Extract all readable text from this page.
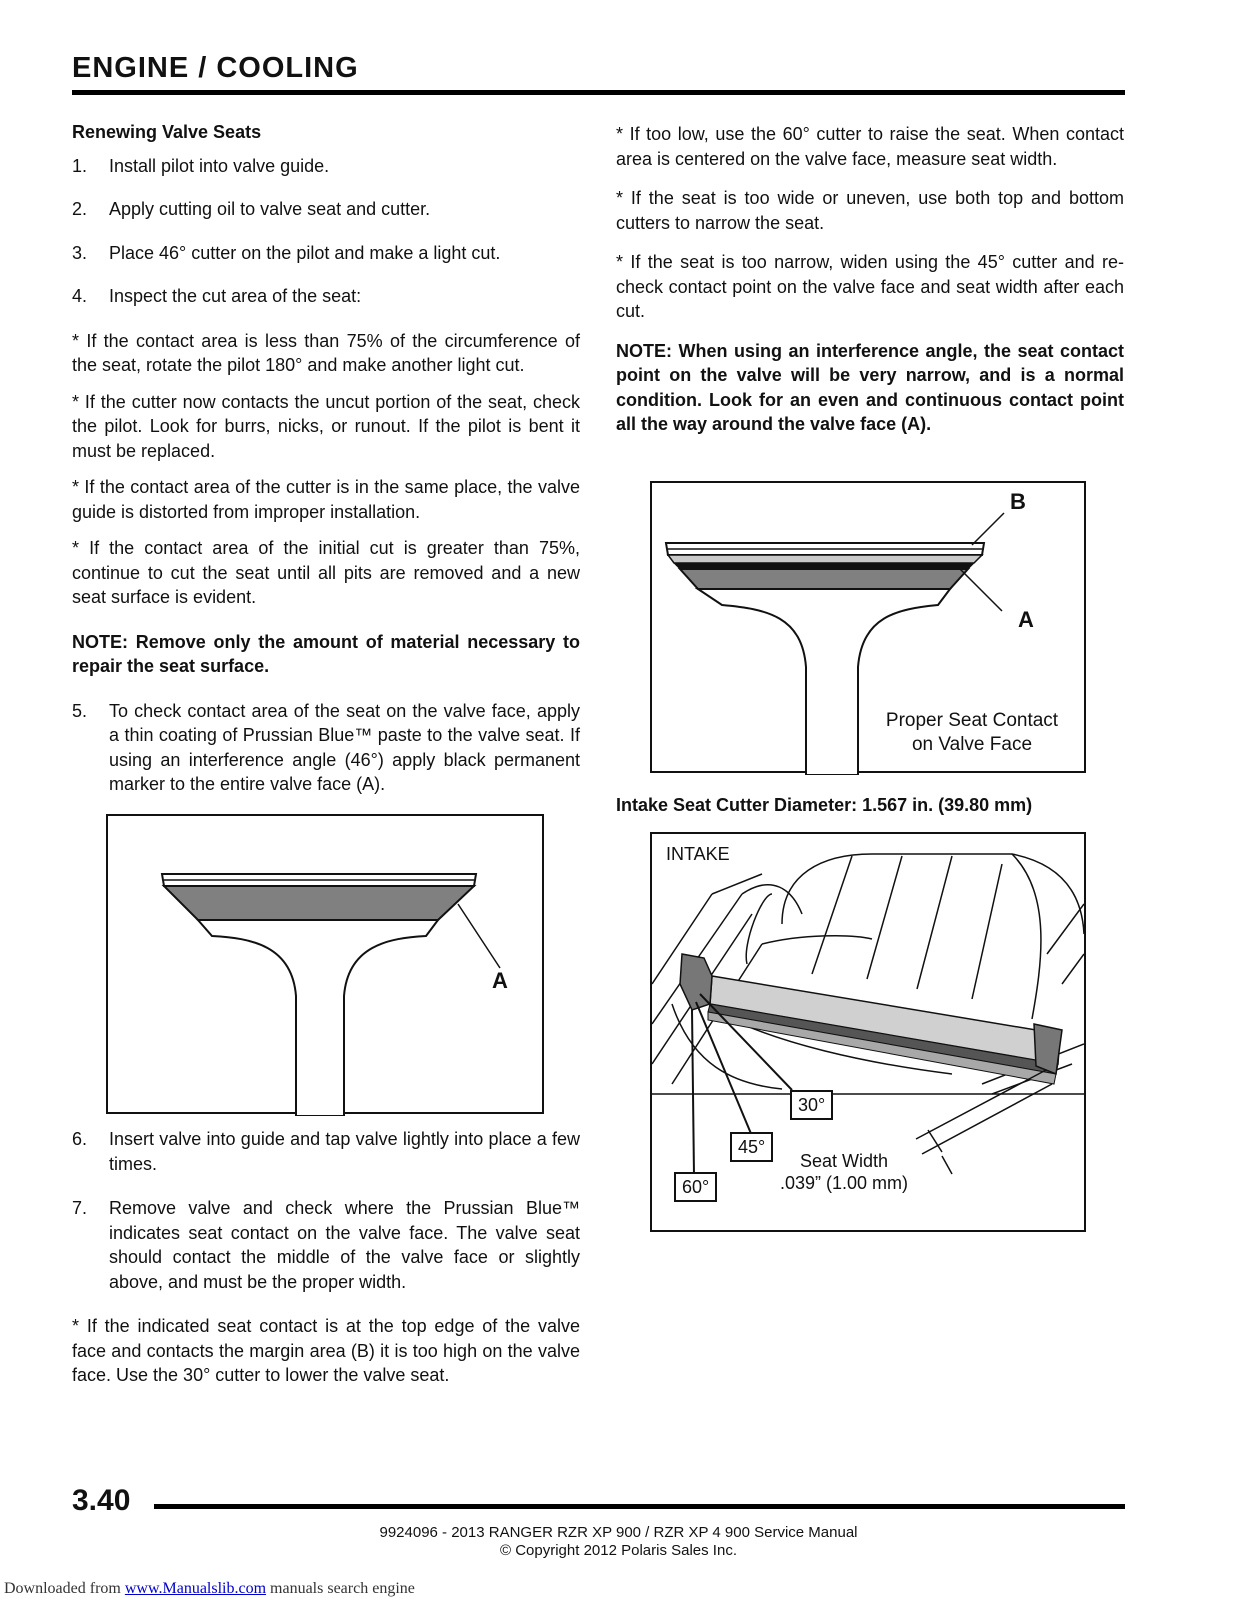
ENGINE / COOLING

Renewing Valve Seats

1.	Install pilot into valve guide.

2.	Apply cutting oil to valve seat and cutter.

3.	Place 46° cutter on the pilot and make a light cut.

4.	Inspect the cut area of the seat:

* If the contact area is less than 75% of the circumference of the seat, rotate the pilot 180° and make another light cut.

* If the cutter now contacts the uncut portion of the seat, check the pilot. Look for burrs, nicks, or runout. If the pilot is bent it must be replaced.

* If the contact area of the cutter is in the same place, the valve guide is distorted from improper installation.

* If the contact area of the initial cut is greater than 75%, continue to cut the seat until all pits are removed and a new seat surface is evident.

NOTE: Remove only the amount of material necessary to repair the seat surface.

5.	To check contact area of the seat on the valve face, apply a thin coating of Prussian Blue™ paste to the valve seat. If using an interference angle (46°) apply black permanent marker to the entire valve face (A).

A

6.	Insert valve into guide and tap valve lightly into place a few times.

7.	Remove valve and check where the Prussian Blue™ indicates seat contact on the valve face. The valve seat should contact the middle of the valve face or slightly above, and must be the proper width.

* If the indicated seat contact is at the top edge of the valve face and contacts the margin area (B) it is too high on the valve face. Use the 30° cutter to lower the valve seat.

* If too low, use the 60° cutter to raise the seat. When contact area is centered on the valve face, measure seat width.

* If the seat is too wide or uneven, use both top and bottom cutters to narrow the seat.

* If the seat is too narrow, widen using the 45° cutter and re-check contact point on the valve face and seat width after each cut.

NOTE: When using an interference angle, the seat contact point on the valve will be very narrow, and is a normal condition. Look for an even and continuous contact point all the way around the valve face (A).

B
A
Proper Seat Contact
on Valve Face

Intake Seat Cutter Diameter: 1.567 in. (39.80 mm)

INTAKE
30°
45°
60°
Seat Width
.039” (1.00 mm)

3.40

9924096 - 2013 RANGER RZR XP 900 / RZR XP 4 900 Service Manual
© Copyright 2012 Polaris Sales Inc.
Downloaded from www.Manualslib.com manuals search engine
